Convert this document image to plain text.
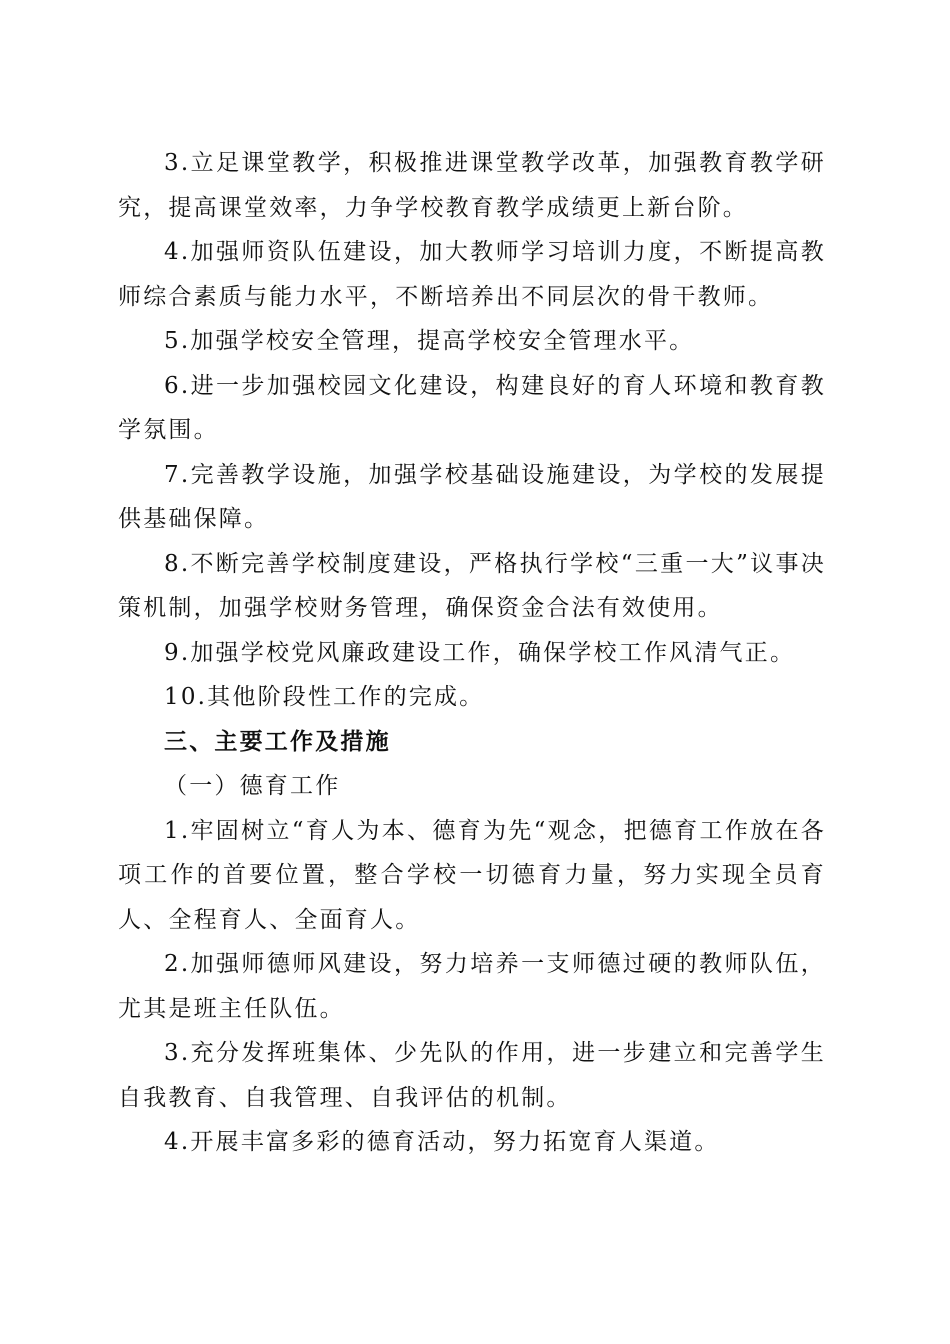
3.立足课堂教学，积极推进课堂教学改革，加强教育教学研究，提高课堂效率，力争学校教育教学成绩更上新台阶。

4.加强师资队伍建设，加大教师学习培训力度，不断提高教师综合素质与能力水平，不断培养出不同层次的骨干教师。

5.加强学校安全管理，提高学校安全管理水平。

6.进一步加强校园文化建设，构建良好的育人环境和教育教学氛围。

7.完善教学设施，加强学校基础设施建设，为学校的发展提供基础保障。

8.不断完善学校制度建设，严格执行学校“三重一大”议事决策机制，加强学校财务管理，确保资金合法有效使用。

9.加强学校党风廉政建设工作，确保学校工作风清气正。

10.其他阶段性工作的完成。

三、主要工作及措施

（一）德育工作

1.牢固树立“育人为本、德育为先“观念，把德育工作放在各项工作的首要位置，整合学校一切德育力量，努力实现全员育人、全程育人、全面育人。

2.加强师德师风建设，努力培养一支师德过硬的教师队伍，尤其是班主任队伍。

3.充分发挥班集体、少先队的作用，进一步建立和完善学生自我教育、自我管理、自我评估的机制。

4.开展丰富多彩的德育活动，努力拓宽育人渠道。
